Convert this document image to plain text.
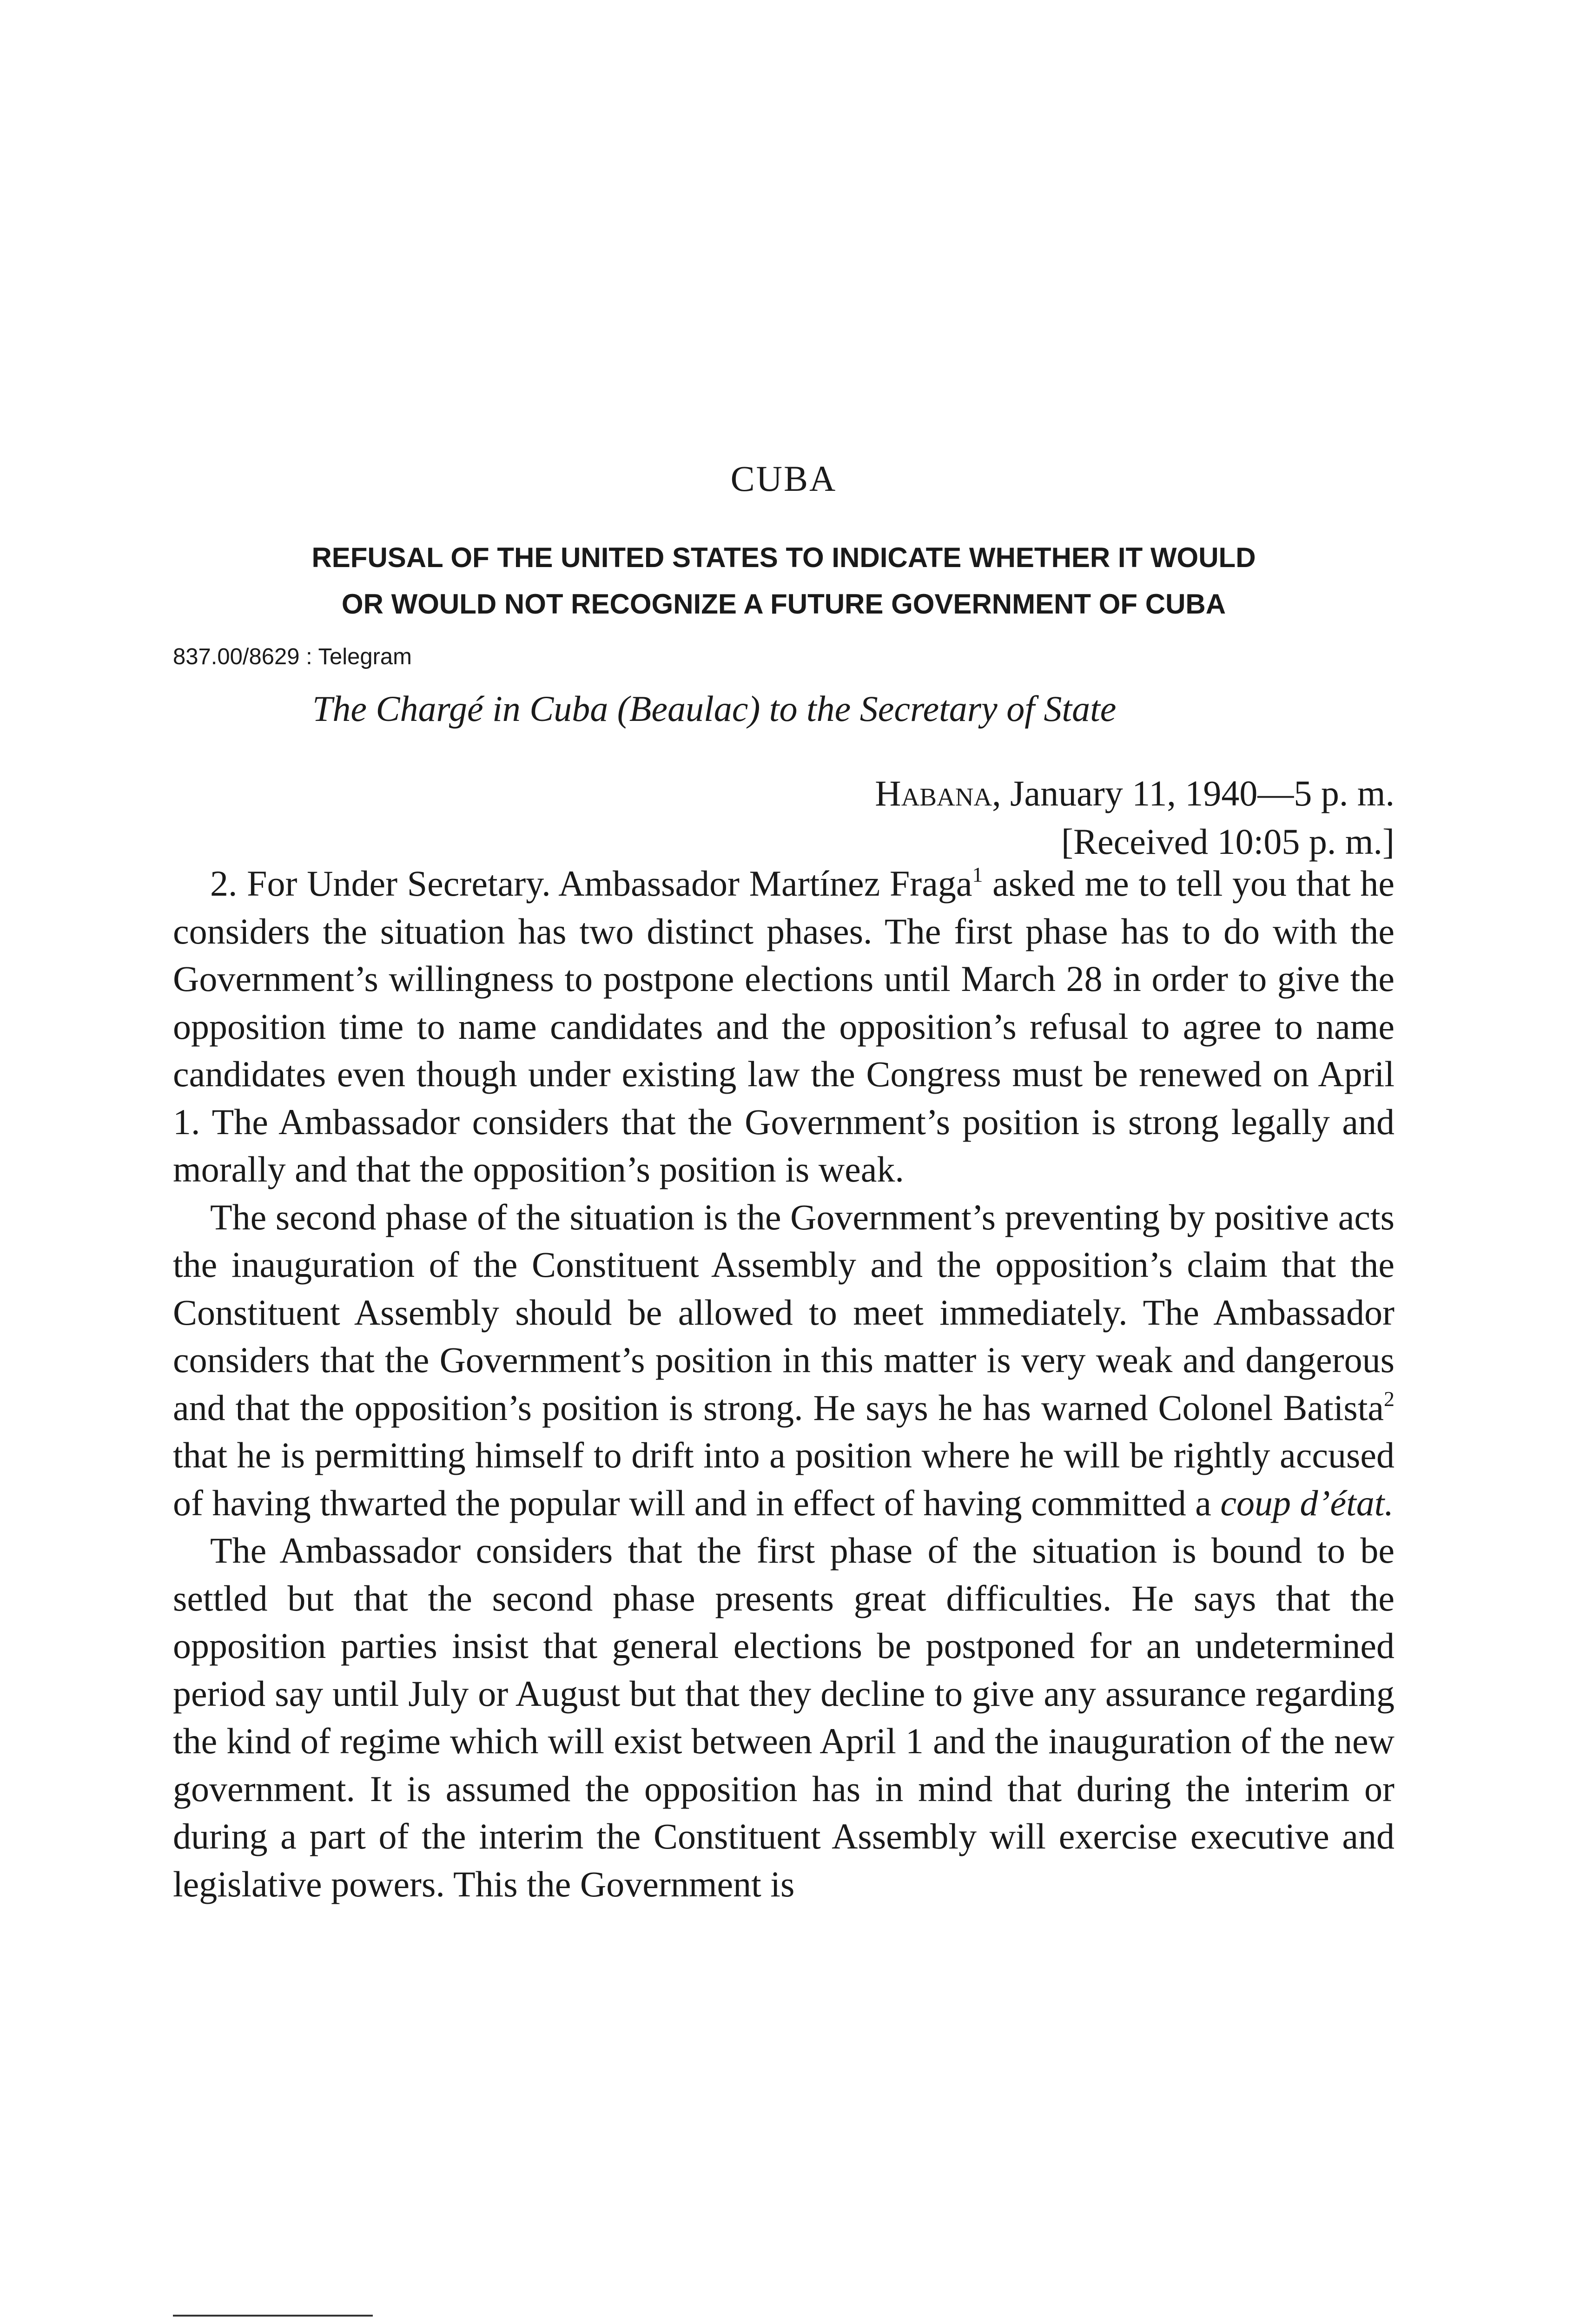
CUBA
REFUSAL OF THE UNITED STATES TO INDICATE WHETHER IT WOULD
OR WOULD NOT RECOGNIZE A FUTURE GOVERNMENT OF CUBA
837.00/8629 : Telegram
The Chargé in Cuba (Beaulac) to the Secretary of State
Habana, January 11, 1940—5 p. m.
[Received 10:05 p. m.]

2. For Under Secretary. Ambassador Martínez Fraga$^1$ asked me to tell you that he considers the situation has two distinct phases. The first phase has to do with the Government’s willingness to postpone elections until March 28 in order to give the opposition time to name candidates and the opposition’s refusal to agree to name candidates even though under existing law the Congress must be renewed on April 1. The Ambassador considers that the Government’s position is strong legally and morally and that the opposition’s position is weak.

The second phase of the situation is the Government’s preventing by positive acts the inauguration of the Constituent Assembly and the opposition’s claim that the Constituent Assembly should be allowed to meet immediately. The Ambassador considers that the Government’s position in this matter is very weak and dangerous and that the opposition’s position is strong. He says he has warned Colonel Batista$^2$ that he is permitting himself to drift into a position where he will be rightly accused of having thwarted the popular will and in effect of having committed a coup d’état.

The Ambassador considers that the first phase of the situation is bound to be settled but that the second phase presents great difficulties. He says that the opposition parties insist that general elections be postponed for an undetermined period say until July or August but that they decline to give any assurance regarding the kind of regime which will exist between April 1 and the inauguration of the new government. It is assumed the opposition has in mind that during the interim or during a part of the interim the Constituent Assembly will exercise executive and legislative powers. This the Government is
